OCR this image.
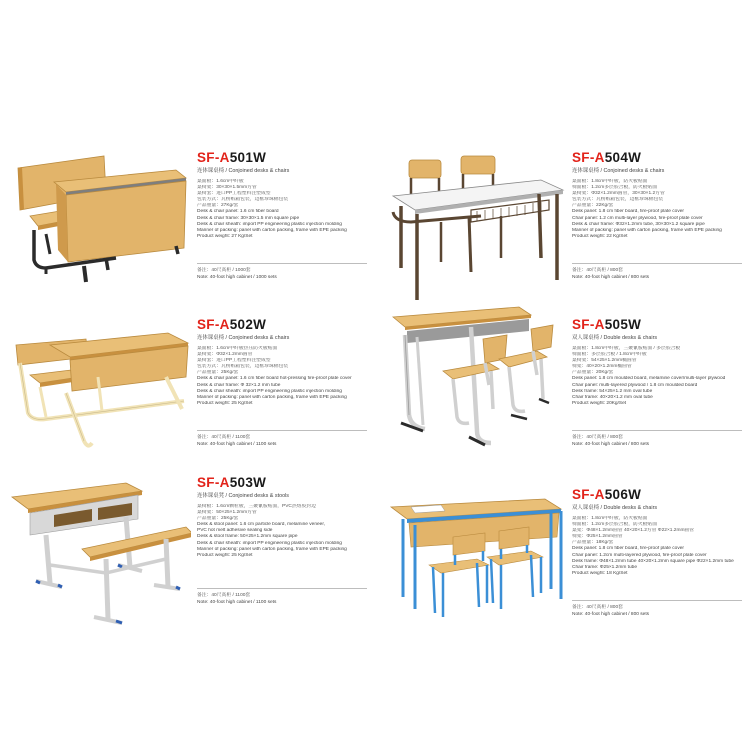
SF-A501W
连体课桌椅 / Conjoined desks & chairs
桌面板：1.6cm中纤板
桌椅架：30×30×1.5mm方管
桌椅套：进口PP工程塑料注塑成型
包装方式：瓦楞纸箱包装，边框珍珠棉包装
产品重量：27Kg/套
Desk & chair panel: 1.6 cm fiber board
Desk & chair frame: 30×30×1.5 mm square pipe
Desk & chair sheath: import PP engineering plastic injection molding
Manner of packing: panel with carton packing, frame with EPE packing
Product weight: 27 Kg/Set
备注：40尺高柜 / 1000套
Note: 40-foot high cabinet / 1000 sets
SF-A504W
连体课桌椅 / Conjoined desks & chairs
桌面板：1.8cm中纤板，防火板贴面
椅面板：1.2cm多层胶合板，防火板贴面
桌椅架：Φ32×1.2mm圆管，30×30×1.2方管
包装方式：瓦楞纸箱包装，边框珍珠棉包装
产品重量：22Kg/套
Desk panel: 1.8 cm fiber board, fire-proof plate cover
Chair panel: 1.2 cm multi-layer plywood, fire-proof plate cover
Desk & chair frame: Φ32×1.2mm tube, 30×30×1.2 square pipe
Manner of packing: panel with carton packing, frame with EPE packing
Product weight: 22 Kg/Set
备注：40尺高柜 / 800套
Note: 40-foot high cabinet / 800 sets
SF-A502W
连体课桌椅 / Conjoined desks & chairs
桌面板：1.6cm中纤板热压防火板贴面
桌椅架：Φ32×1.2mm圆管
桌椅套：进口PP工程塑料注塑成型
包装方式：瓦楞纸箱包装，边框珍珠棉包装
产品重量：25Kg/套
Desk & chair panel: 1.6 cm fiber board hot-pressing fire-proof plate cover
Desk & chair frame: Φ 32×1.2 mm tube
Desk & chair sheath: import PP engineering plastic injection molding
Manner of packing: panel with carton packing, frame with EPE packing
Product weight: 25 Kg/Set
备注：40尺高柜 / 1100套
Note: 40-foot high cabinet / 1100 sets
SF-A505W
双人课桌椅 / Double desks & chairs
桌面板：1.8cm中纤板，三聚氰胺贴面 / 多层胶合板
椅面板：多层胶合板 / 1.8cm中纤板
桌椅架：54×25×1.2mm椭圆管
椅架：40×20×1.2mm椭圆管
产品重量：20Kg/套
Desk panel: 1.8 cm moulded board, melamine cover/multi-layer plywood
Chair panel: multi-layered plywood / 1.8 cm moulded board
Desk frame: 54×25×1.2 mm oval tube
Chair frame: 40×20×1.2 mm oval tube
Product weight: 20Kg/Set
备注：40尺高柜 / 800套
Note: 40-foot high cabinet / 800 sets
SF-A503W
连体课桌凳 / Conjoined desks & stools
桌椅板：1.6cm颗粒板，三聚氰胺贴面，PVC热熔胶封边
桌椅架：50×25×1.2mm方管
产品重量：25Kg/套
Desk & stool panel: 1.6 cm particle board, melamine veneer,
PVC hot melt adhesive sealing side
Desk & stool frame: 50×25×1.2mm square pipe
Desk & chair sheath: import PP engineering plastic injection molding
Manner of packing: panel with carton packing, frame with EPE packing
Product weight: 25 Kg/Set
备注：40尺高柜 / 1100套
Note: 40-foot high cabinet / 1100 sets
SF-A506W
双人课桌椅 / Double desks & chairs
桌面板：1.8cm中纤板，防火板贴面
椅面板：1.2cm多层胶合板，防火板贴面
桌架：Φ48×1.2mm圆管 40×20×1.2方管 Φ22×1.2mm圆管
椅架：Φ25×1.2mm圆管
产品重量：18Kg/套
Desk panel: 1.8 cm fiber board, fire-proof plate cover
Chair panel: 1.2cm multi-layered plywood, fire-proof plate cover
Desk frame: Φ48×1.2mm tube 40×20×1.2mm square pipe Φ22×1.2mm tube
Chair frame: Φ25×1.2mm tube
Product weight: 18 Kg/Set
备注：40尺高柜 / 800套
Note: 40-foot high cabinet / 800 sets
